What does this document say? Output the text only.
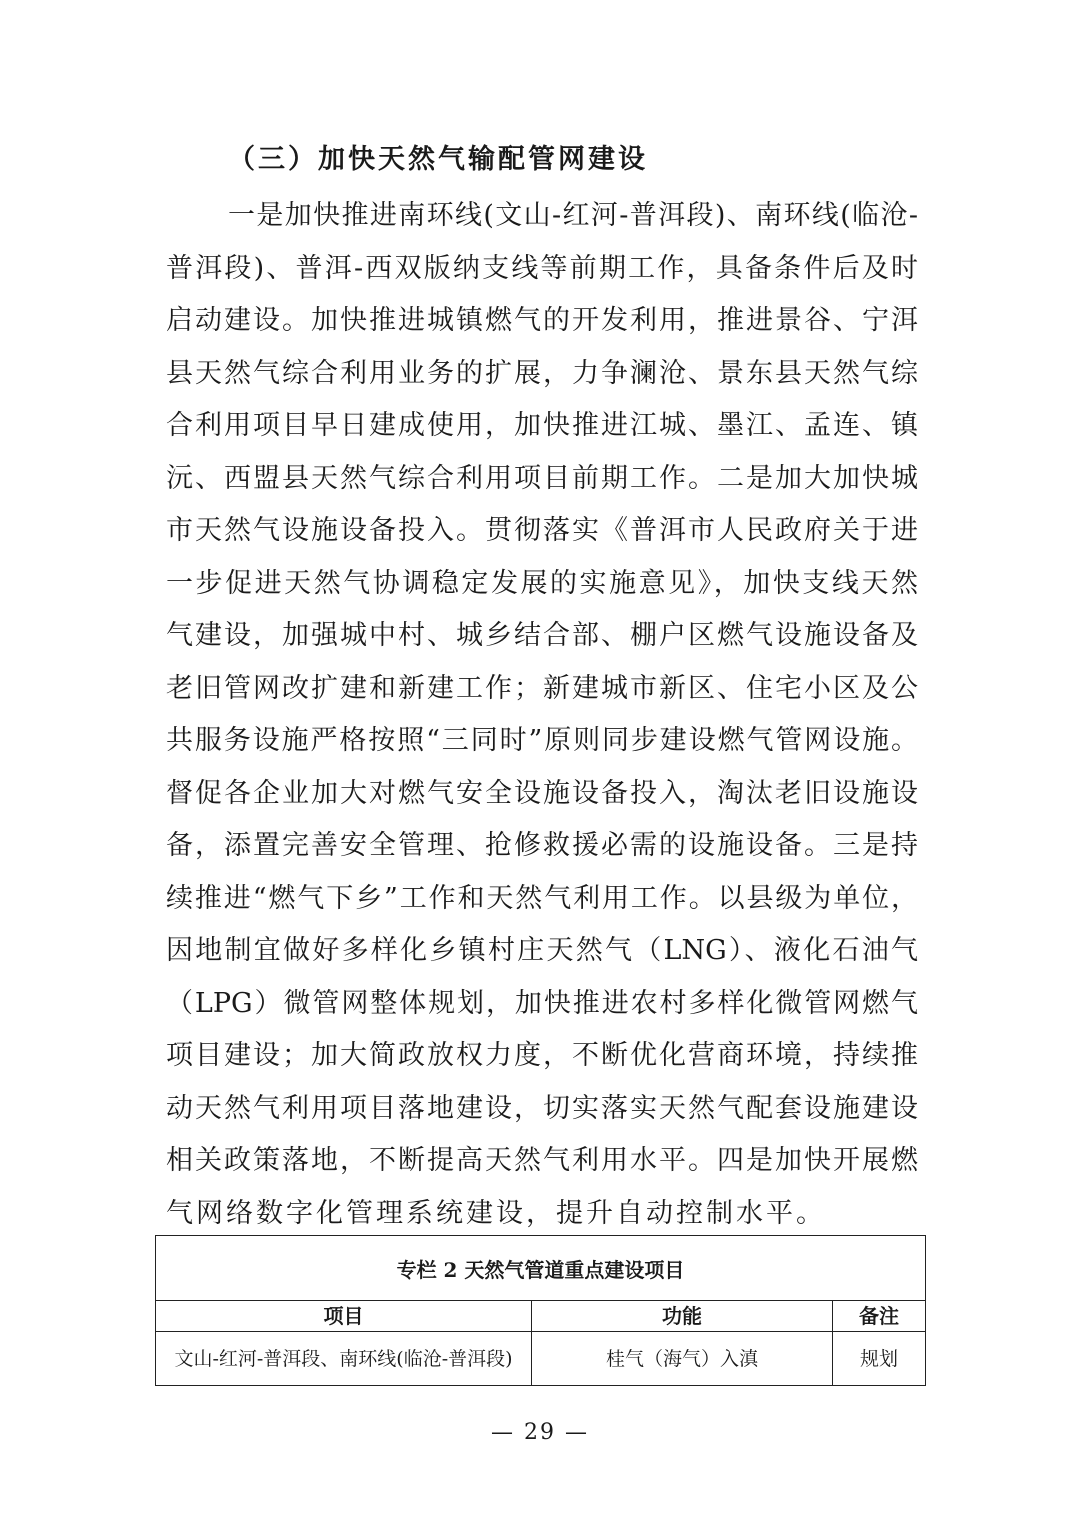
（三）加快天然气输配管网建设
一是加快推进南环线(文山-红河-普洱段)、南环线(临沧-
普洱段)、普洱-西双版纳支线等前期工作，具备条件后及时
启动建设。加快推进城镇燃气的开发利用，推进景谷、宁洱
县天然气综合利用业务的扩展，力争澜沧、景东县天然气综
合利用项目早日建成使用，加快推进江城、墨江、孟连、镇
沅、西盟县天然气综合利用项目前期工作。二是加大加快城
市天然气设施设备投入。贯彻落实《普洱市人民政府关于进
一步促进天然气协调稳定发展的实施意见》，加快支线天然
气建设，加强城中村、城乡结合部、棚户区燃气设施设备及
老旧管网改扩建和新建工作；新建城市新区、住宅小区及公
共服务设施严格按照“三同时”原则同步建设燃气管网设施。
督促各企业加大对燃气安全设施设备投入，淘汰老旧设施设
备，添置完善安全管理、抢修救援必需的设施设备。三是持
续推进“燃气下乡”工作和天然气利用工作。以县级为单位，
因地制宜做好多样化乡镇村庄天然气（LNG）、液化石油气
（LPG）微管网整体规划，加快推进农村多样化微管网燃气
项目建设；加大简政放权力度，不断优化营商环境，持续推
动天然气利用项目落地建设，切实落实天然气配套设施建设
相关政策落地，不断提高天然气利用水平。四是加快开展燃
气网络数字化管理系统建设，提升自动控制水平。
专栏 2 天然气管道重点建设项目
项目	功能	备注
文山-红河-普洱段、南环线(临沧-普洱段)	桂气（海气）入滇	规划
— 29 —
